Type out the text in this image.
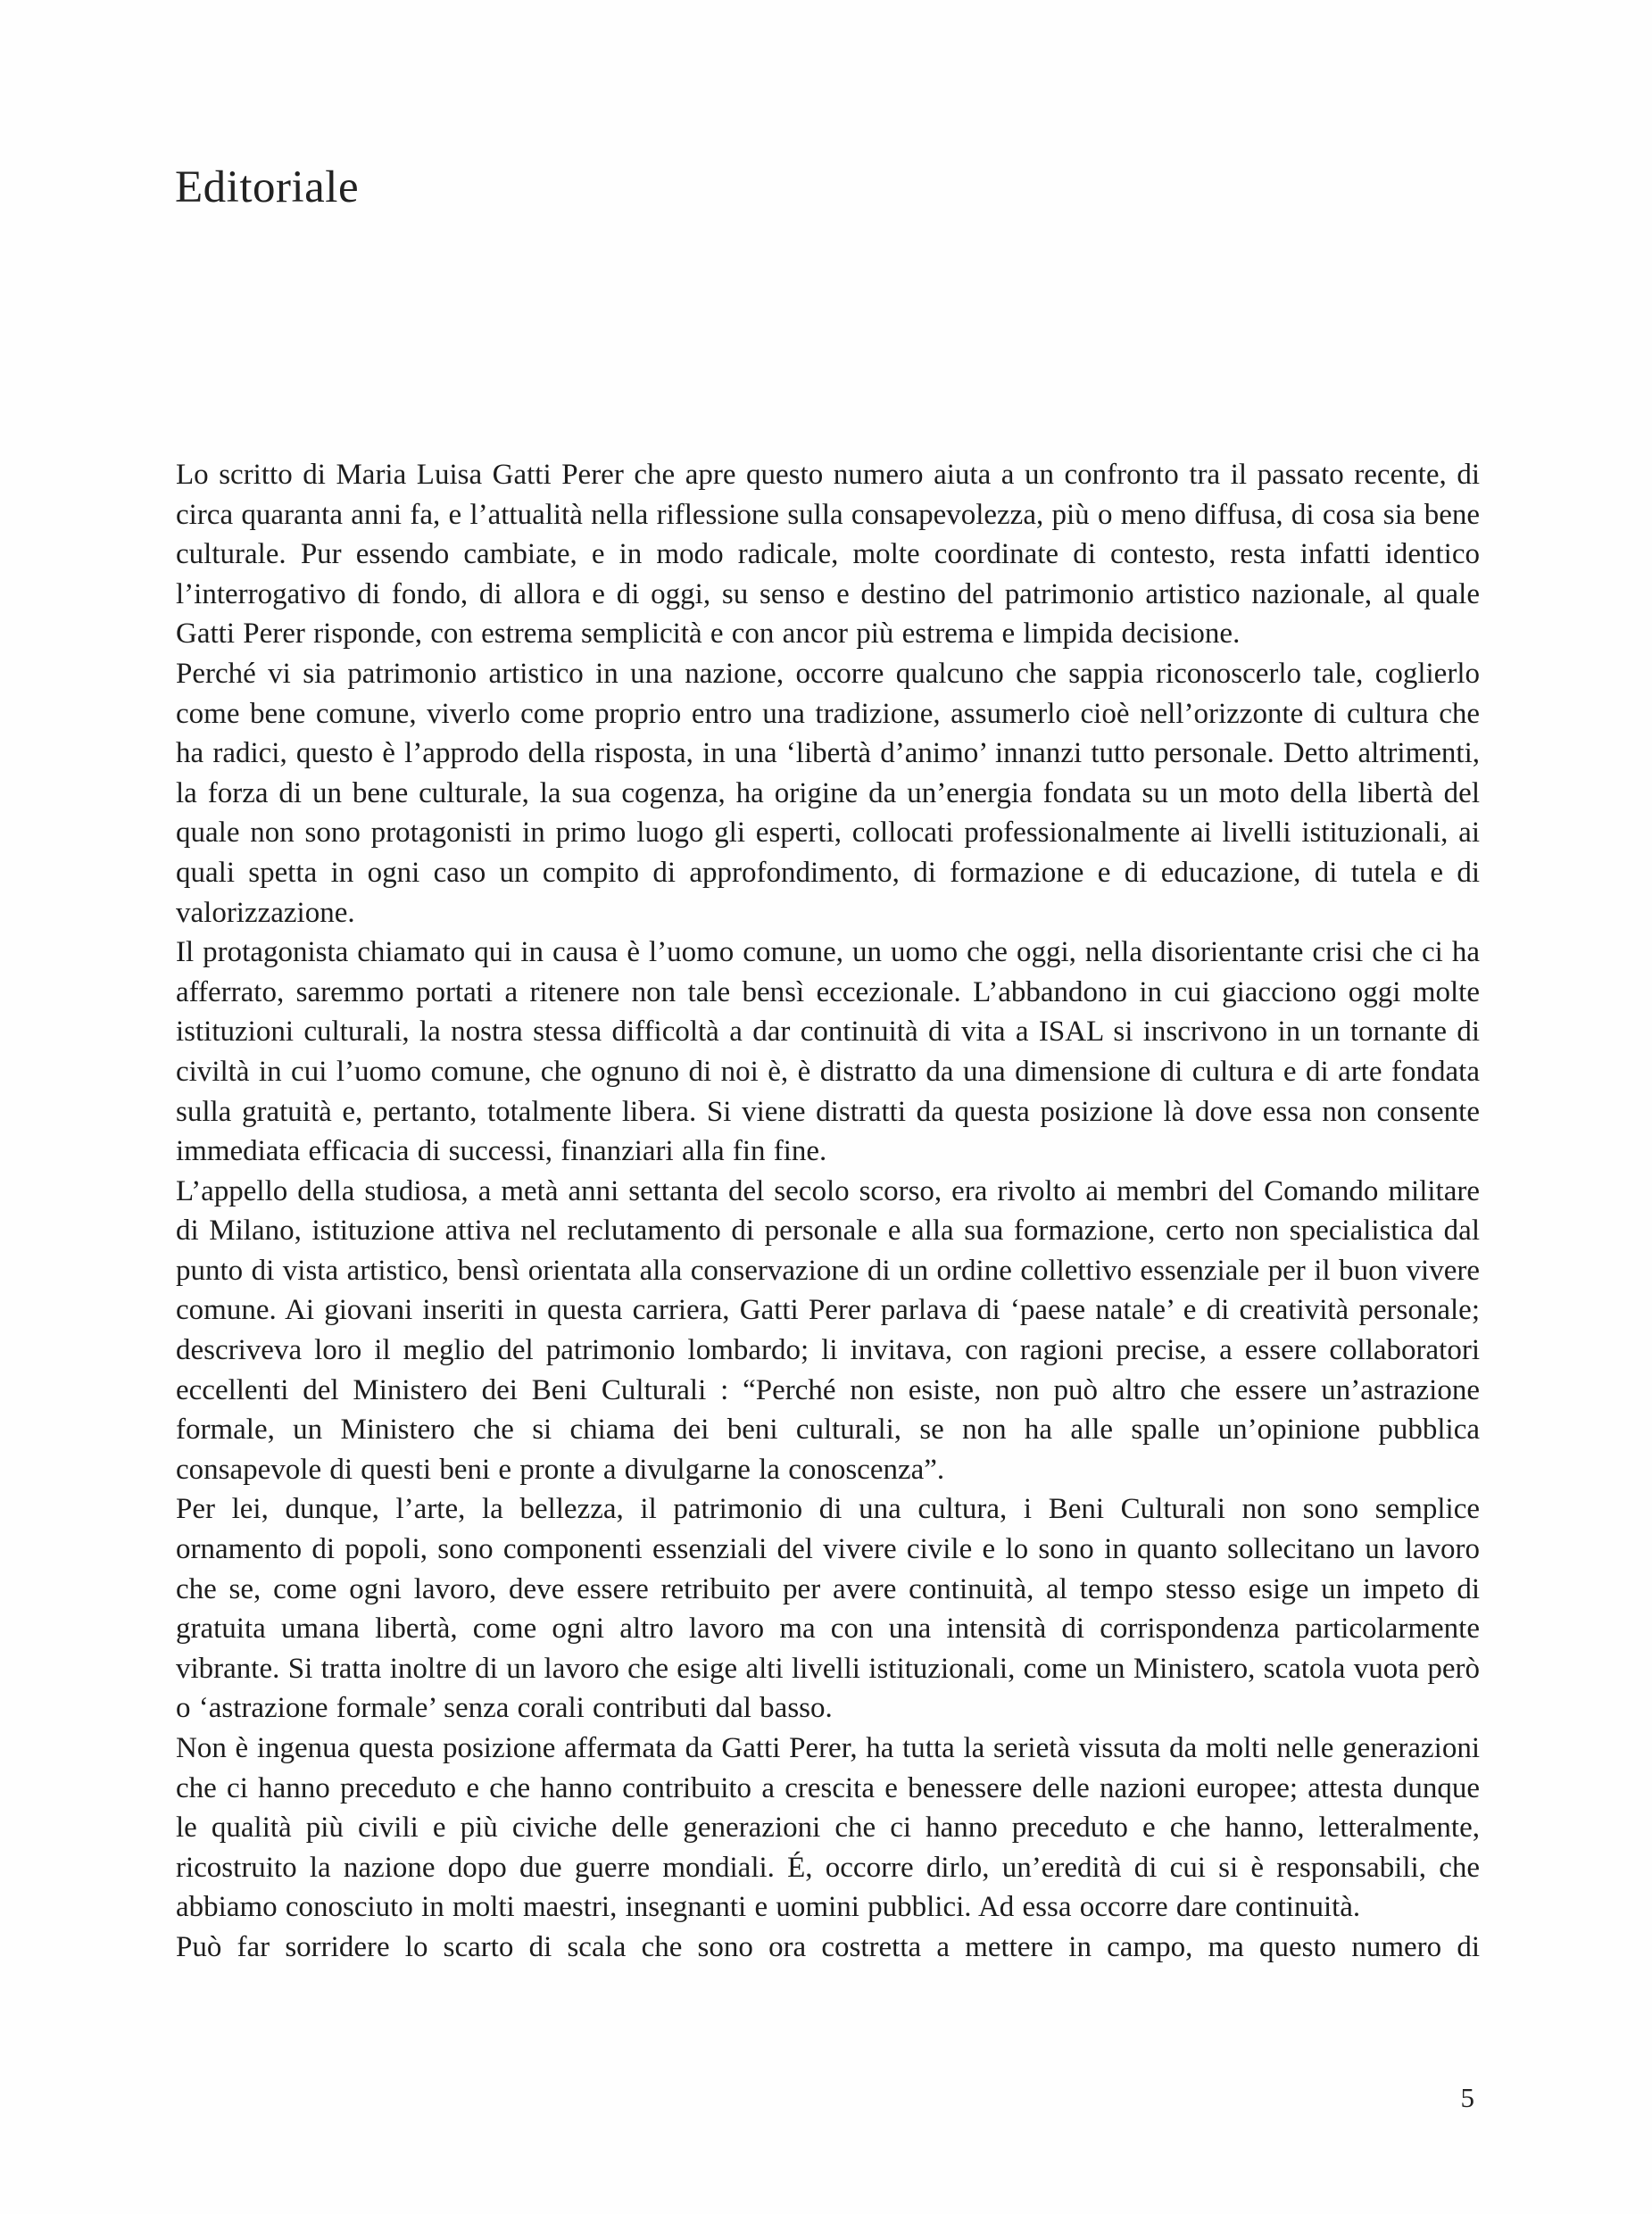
Editoriale

Lo scritto di Maria Luisa Gatti Perer che apre questo numero aiuta a un confronto tra il passato recente, di circa quaranta anni fa, e l’attualità nella riflessione sulla consapevolezza, più o meno diffusa, di cosa sia bene culturale. Pur essendo cambiate, e in modo radicale, molte coordinate di contesto, resta infatti identico l’interrogativo di fondo, di allora e di oggi, su senso e destino del patrimonio artistico nazionale, al quale Gatti Perer risponde, con estrema semplicità e con ancor più estrema e limpida decisione.

Perché vi sia patrimonio artistico in una nazione, occorre qualcuno che sappia riconoscerlo tale, coglierlo come bene comune, viverlo come proprio entro una tradizione, assumerlo cioè nell’orizzonte di cultura che ha radici, questo è l’approdo della risposta, in una ‘libertà d’animo’ innanzi tutto personale. Detto altrimenti, la forza di un bene culturale, la sua cogenza, ha origine da un’energia fondata su un moto della libertà del quale non sono protagonisti in primo luogo gli esperti, collocati professionalmente ai livelli istituzionali, ai quali spetta in ogni caso un compito di approfondimento, di formazione e di educazione, di tutela e di valorizzazione.

Il protagonista chiamato qui in causa è l’uomo comune, un uomo che oggi, nella disorientante crisi che ci ha afferrato, saremmo portati a ritenere non tale bensì eccezionale. L’abbandono in cui giacciono oggi molte istituzioni culturali, la nostra stessa difficoltà a dar continuità di vita a ISAL si inscrivono in un tornante di civiltà in cui l’uomo comune, che ognuno di noi è, è distratto da una dimensione di cultura e di arte fondata sulla gratuità e, pertanto, totalmente libera. Si viene distratti da questa posizione là dove essa non consente immediata efficacia di successi, finanziari alla fin fine.

L’appello della studiosa, a metà anni settanta del secolo scorso, era rivolto ai membri del Comando militare di Milano, istituzione attiva nel reclutamento di personale e alla sua formazione, certo non specialistica dal punto di vista artistico, bensì orientata alla conservazione di un ordine collettivo essenziale per il buon vivere comune. Ai giovani inseriti in questa carriera, Gatti Perer parlava di ‘paese natale’ e di creatività personale; descriveva loro il meglio del patrimonio lombardo; li invitava, con ragioni precise, a essere collaboratori eccellenti del Ministero dei Beni Culturali : “Perché non esiste, non può altro che essere un’astrazione formale, un Ministero che si chiama dei beni culturali, se non ha alle spalle un’opinione pubblica consapevole di questi beni e pronte a divulgarne la conoscenza”.

Per lei, dunque, l’arte, la bellezza, il patrimonio di una cultura, i Beni Culturali non sono semplice ornamento di popoli, sono componenti essenziali del vivere civile e lo sono in quanto sollecitano un lavoro che se, come ogni lavoro, deve essere retribuito per avere continuità, al tempo stesso esige un impeto di gratuita umana libertà, come ogni altro lavoro ma con una intensità di corrispondenza particolarmente vibrante. Si tratta inoltre di un lavoro che esige alti livelli istituzionali, come un Ministero, scatola vuota però o ‘astrazione formale’ senza corali contributi dal basso.

Non è ingenua questa posizione affermata da Gatti Perer, ha tutta la serietà vissuta da molti nelle generazioni che ci hanno preceduto e che hanno contribuito a crescita e benessere delle nazioni europee; attesta dunque le qualità più civili e più civiche delle generazioni che ci hanno preceduto e che hanno, letteralmente, ricostruito la nazione dopo due guerre mondiali. É, occorre dirlo, un’eredità di cui si è responsabili, che abbiamo conosciuto in molti maestri, insegnanti e uomini pubblici. Ad essa occorre dare continuità.

Può far sorridere lo scarto di scala che sono ora costretta a mettere in campo, ma questo numero di

5
